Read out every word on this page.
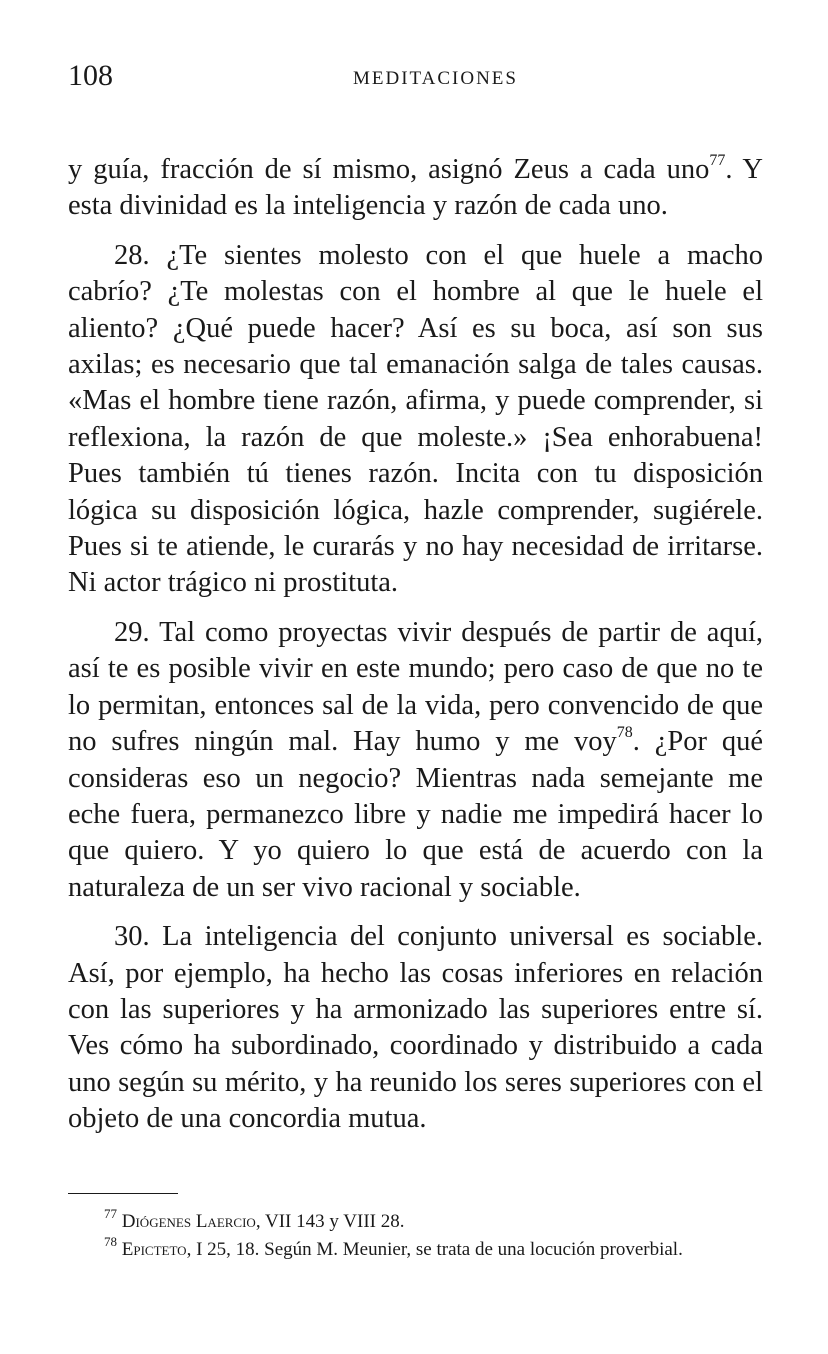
108	MEDITACIONES

y guía, fracción de sí mismo, asignó Zeus a cada uno$^{77}$. Y esta divinidad es la inteligencia y razón de cada uno.

28. ¿Te sientes molesto con el que huele a macho cabrío? ¿Te molestas con el hombre al que le huele el aliento? ¿Qué puede hacer? Así es su boca, así son sus axilas; es necesario que tal emanación salga de tales causas. «Mas el hombre tiene razón, afirma, y puede comprender, si reflexiona, la razón de que moleste.» ¡Sea enhorabuena! Pues también tú tienes razón. Incita con tu disposición lógica su disposición lógica, hazle comprender, sugiérele. Pues si te atiende, le curarás y no hay necesidad de irritarse. Ni actor trágico ni prostituta.

29. Tal como proyectas vivir después de partir de aquí, así te es posible vivir en este mundo; pero caso de que no te lo permitan, entonces sal de la vida, pero convencido de que no sufres ningún mal. Hay humo y me voy$^{78}$. ¿Por qué consideras eso un negocio? Mientras nada semejante me eche fuera, permanezco libre y nadie me impedirá hacer lo que quiero. Y yo quiero lo que está de acuerdo con la naturaleza de un ser vivo racional y sociable.

30. La inteligencia del conjunto universal es sociable. Así, por ejemplo, ha hecho las cosas inferiores en relación con las superiores y ha armonizado las superiores entre sí. Ves cómo ha subordinado, coordinado y distribuido a cada uno según su mérito, y ha reunido los seres superiores con el objeto de una concordia mutua.

$^{77}$ Diógenes Laercio, VII 143 y VIII 28.

$^{78}$ Epicteto, I 25, 18. Según M. Meunier, se trata de una locución proverbial.
